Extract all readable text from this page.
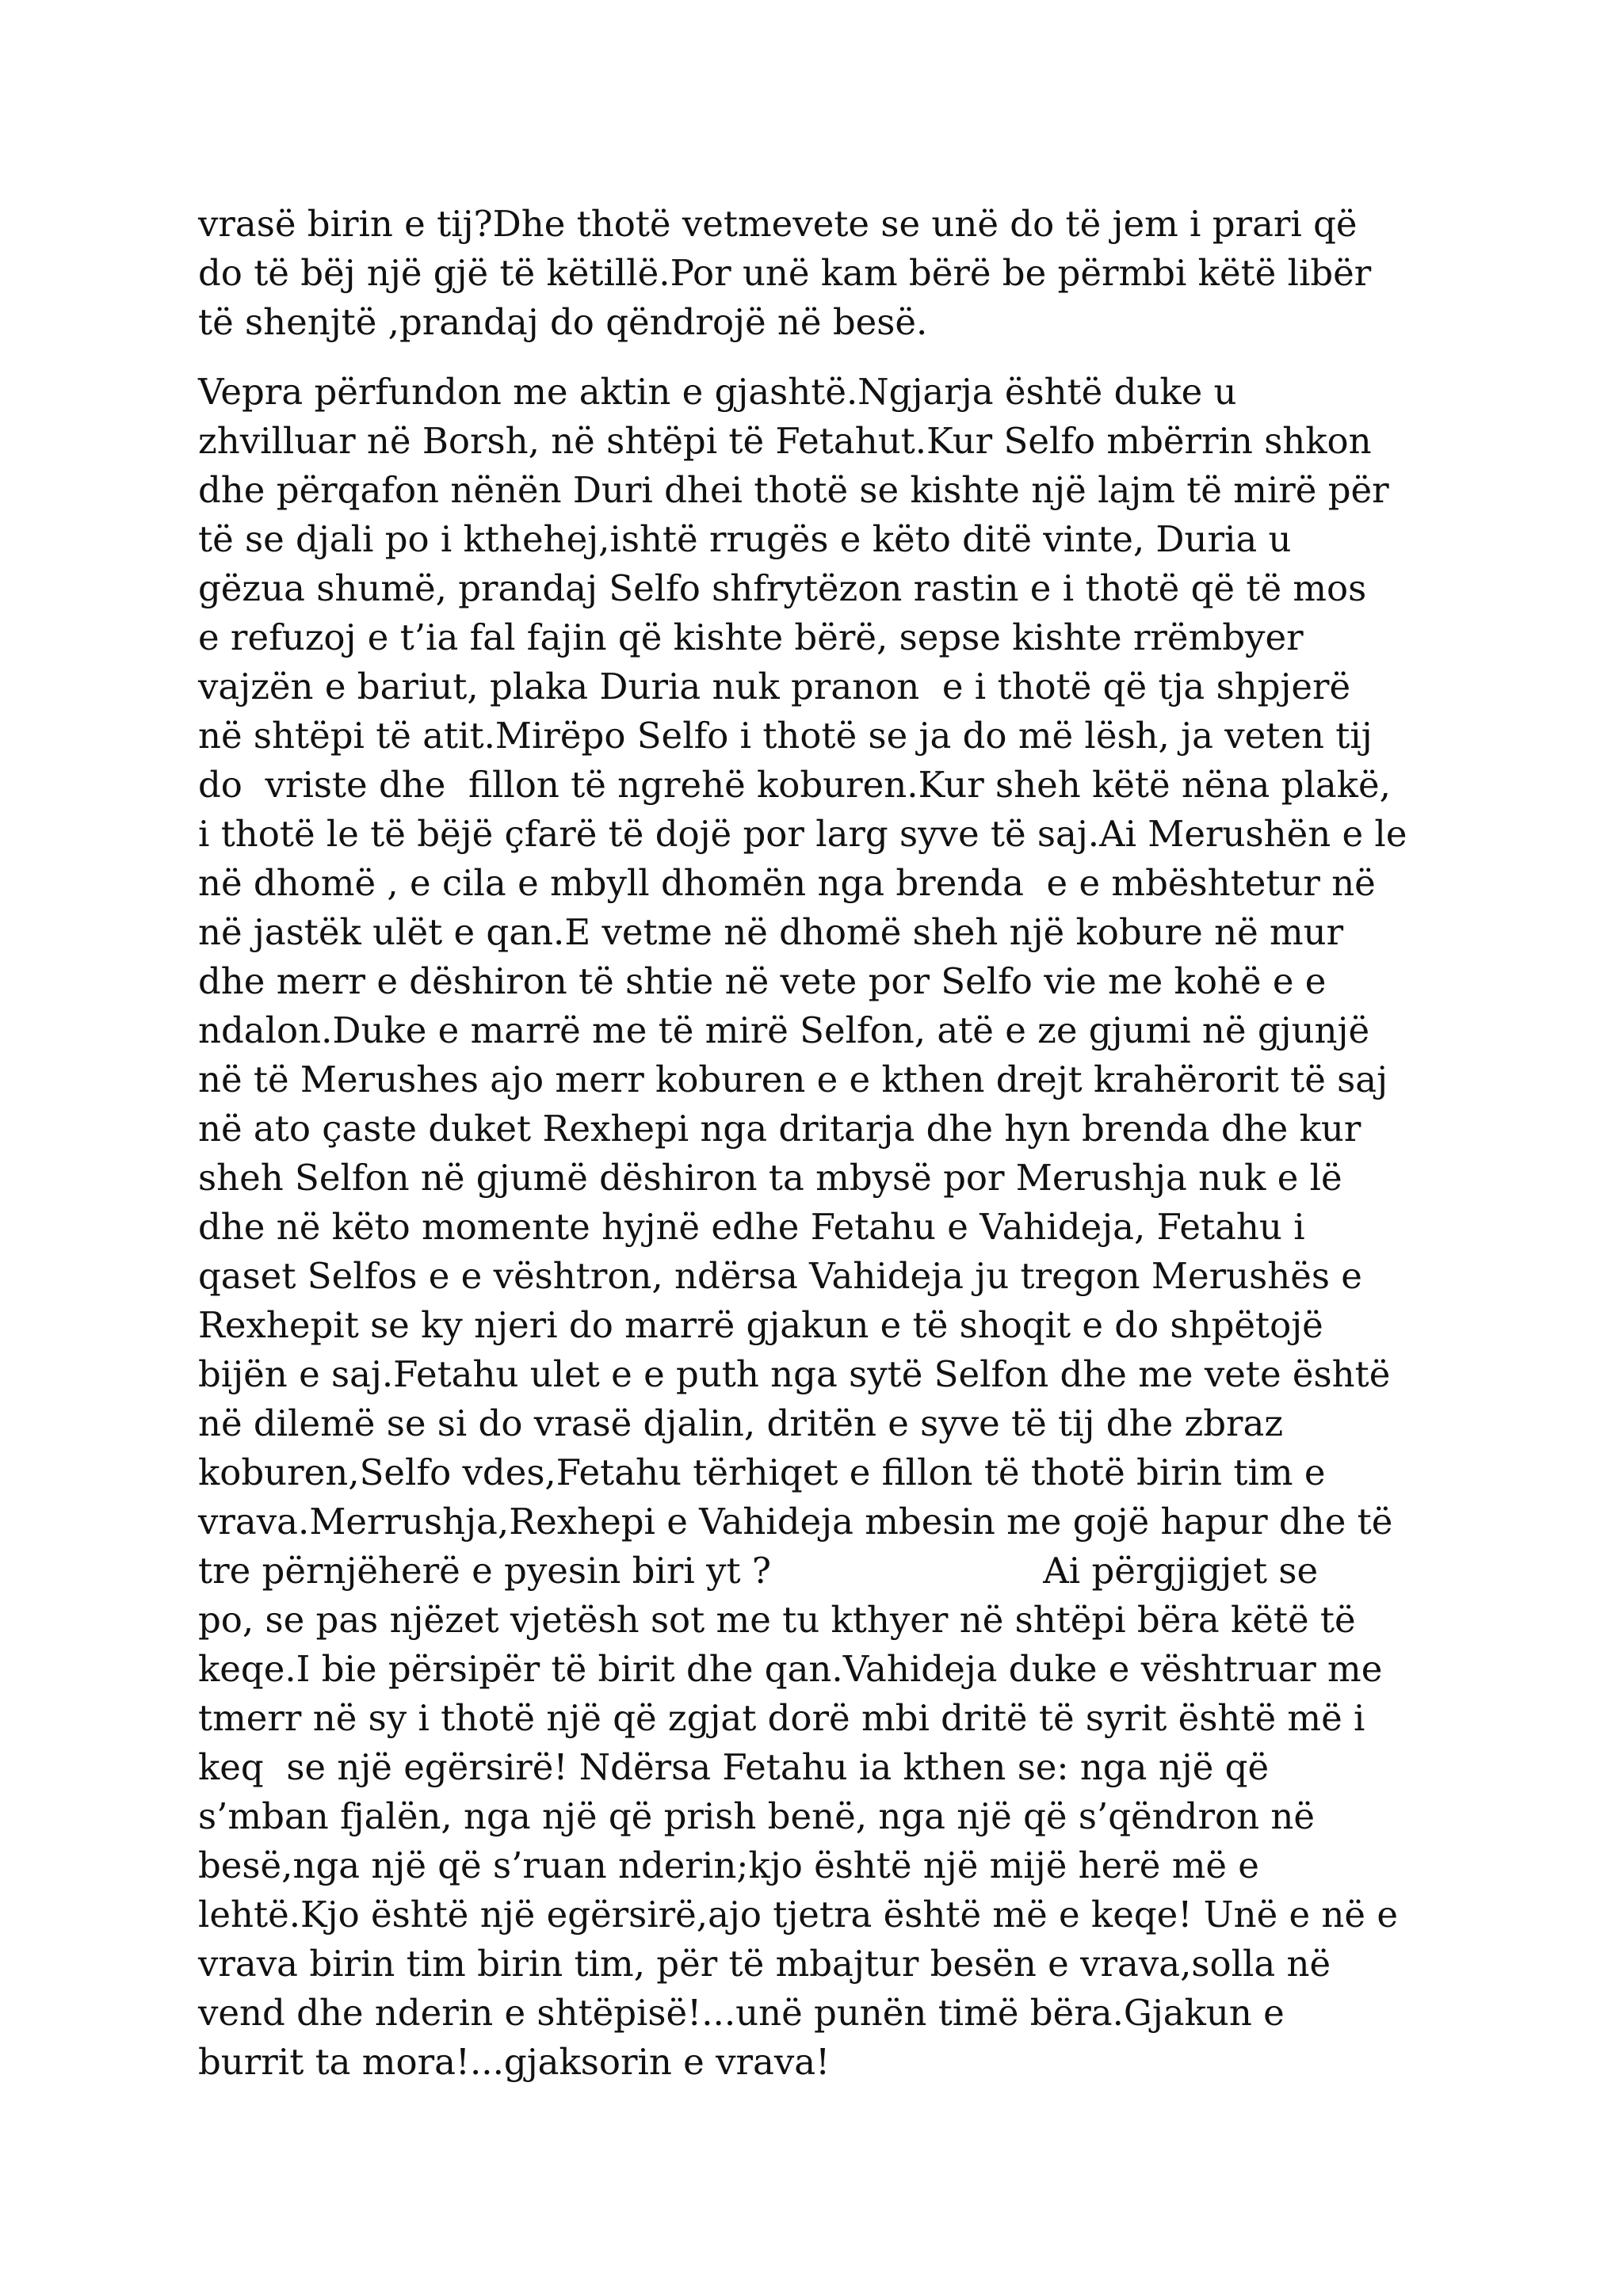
vrasë birin e tij?Dhe thotë vetmevete se unë do të jem i prari që
do të bëj një gjë të këtillë.Por unë kam bërë be përmbi këtë libër
të shenjtë ,prandaj do qëndrojë në besë.
Vepra përfundon me aktin e gjashtë.Ngjarja është duke u
zhvilluar në Borsh, në shtëpi të Fetahut.Kur Selfo mbërrin shkon
dhe përqafon nënën Duri dhei thotë se kishte një lajm të mirë për
të se djali po i kthehej,ishtë rrugës e këto ditë vinte, Duria u
gëzua shumë, prandaj Selfo shfrytëzon rastin e i thotë që të mos
e refuzoj e t’ia fal fajin që kishte bërë, sepse kishte rrëmbyer
vajzën e bariut, plaka Duria nuk pranon  e i thotë që tja shpjerë
në shtëpi të atit.Mirëpo Selfo i thotë se ja do më lësh, ja veten tij
do  vriste dhe  fillon të ngrehë koburen.Kur sheh këtë nëna plakë,
i thotë le të bëjë çfarë të dojë por larg syve të saj.Ai Merushën e le
në dhomë , e cila e mbyll dhomën nga brenda  e e mbështetur në
në jastëk ulët e qan.E vetme në dhomë sheh një kobure në mur
dhe merr e dëshiron të shtie në vete por Selfo vie me kohë e e
ndalon.Duke e marrë me të mirë Selfon, atë e ze gjumi në gjunjë
në të Merushes ajo merr koburen e e kthen drejt krahërorit të saj
në ato çaste duket Rexhepi nga dritarja dhe hyn brenda dhe kur
sheh Selfon në gjumë dëshiron ta mbysë por Merushja nuk e lë
dhe në këto momente hyjnë edhe Fetahu e Vahideja, Fetahu i
qaset Selfos e e vështron, ndërsa Vahideja ju tregon Merushës e
Rexhepit se ky njeri do marrë gjakun e të shoqit e do shpëtojë
bijën e saj.Fetahu ulet e e puth nga sytë Selfon dhe me vete është
në dilemë se si do vrasë djalin, dritën e syve të tij dhe zbraz
koburen,Selfo vdes,Fetahu tërhiqet e fillon të thotë birin tim e
vrava.Merrushja,Rexhepi e Vahideja mbesin me gojë hapur dhe të
tre përnjëherë e pyesin biri yt ?                        Ai përgjigjet se
po, se pas njëzet vjetësh sot me tu kthyer në shtëpi bëra këtë të
keqe.I bie përsipër të birit dhe qan.Vahideja duke e vështruar me
tmerr në sy i thotë një që zgjat dorë mbi dritë të syrit është më i
keq  se një egërsirë! Ndërsa Fetahu ia kthen se: nga një që
s’mban fjalën, nga një që prish benë, nga një që s’qëndron në
besë,nga një që s’ruan nderin;kjo është një mijë herë më e
lehtë.Kjo është një egërsirë,ajo tjetra është më e keqe! Unë e në e
vrava birin tim birin tim, për të mbajtur besën e vrava,solla në
vend dhe nderin e shtëpisë!...unë punën timë bëra.Gjakun e
burrit ta mora!...gjaksorin e vrava!
